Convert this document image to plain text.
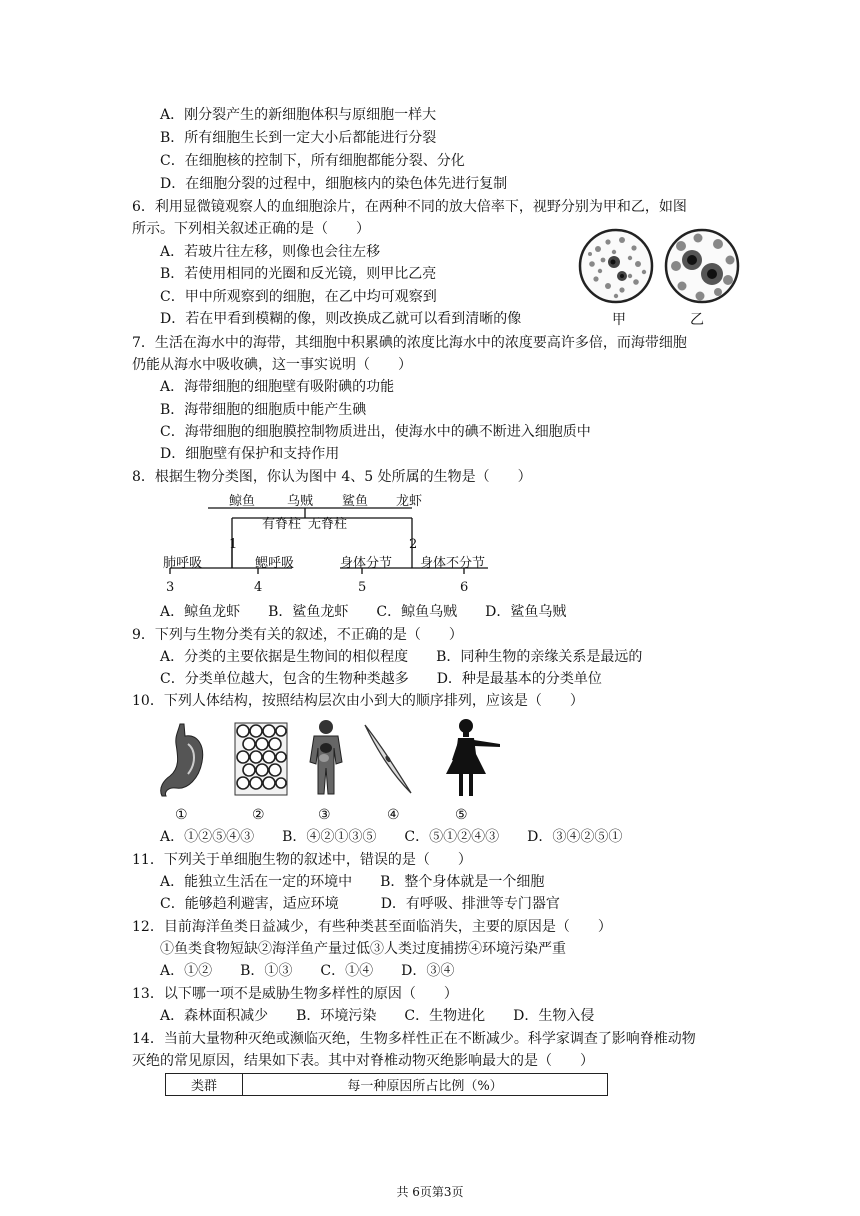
A．刚分裂产生的新细胞体积与原细胞一样大
B．所有细胞生长到一定大小后都能进行分裂
C．在细胞核的控制下，所有细胞都能分裂、分化
D．在细胞分裂的过程中，细胞核内的染色体先进行复制
6．利用显微镜观察人的血细胞涂片，在两种不同的放大倍率下，视野分别为甲和乙，如图
所示。下列相关叙述正确的是（　　）
A．若玻片往左移，则像也会往左移
B．若使用相同的光圈和反光镜，则甲比乙亮
C．甲中所观察到的细胞，在乙中均可观察到
D．若在甲看到模糊的像，则改换成乙就可以看到清晰的像	甲	乙
7．生活在海水中的海带，其细胞中积累碘的浓度比海水中的浓度要高许多倍，而海带细胞
仍能从海水中吸收碘，这一事实说明（　　）
A．海带细胞的细胞壁有吸附碘的功能
B．海带细胞的细胞质中能产生碘
C．海带细胞的细胞膜控制物质进出，使海水中的碘不断进入细胞质中
D．细胞壁有保护和支持作用
8．根据生物分类图，你认为图中 4、5 处所属的生物是（　　）
鲸鱼 乌贼 鲨鱼 龙虾
有脊柱 无脊柱
1	2
肺呼吸	鳃呼吸	身体分节 身体不分节
3	4	5	6
A．鲸鱼龙虾　　B．鲨鱼龙虾　　C．鲸鱼乌贼　　D．鲨鱼乌贼
9．下列与生物分类有关的叙述，不正确的是（　　）
A．分类的主要依据是生物间的相似程度　　B．同种生物的亲缘关系是最远的
C．分类单位越大，包含的生物种类越多　　D．种是最基本的分类单位
10．下列人体结构，按照结构层次由小到大的顺序排列，应该是（　　）
①	②	③	④	⑤
A．①②⑤④③　　B．④②①③⑤　　C．⑤①②④③　　D．③④②⑤①
11．下列关于单细胞生物的叙述中，错误的是（　　）
A．能独立生活在一定的环境中　　B．整个身体就是一个细胞
C．能够趋利避害，适应环境　　　D．有呼吸、排泄等专门器官
12．目前海洋鱼类日益减少，有些种类甚至面临消失，主要的原因是（　　）
①鱼类食物短缺②海洋鱼产量过低③人类过度捕捞④环境污染严重
A．①②　　B．①③　　C．①④　　D．③④
13．以下哪一项不是威胁生物多样性的原因（　　）
A．森林面积减少　　B．环境污染　　C．生物进化　　D．生物入侵
14．当前大量物种灭绝或濒临灭绝，生物多样性正在不断减少。科学家调查了影响脊椎动物
灭绝的常见原因，结果如下表。其中对脊椎动物灭绝影响最大的是（　　）
类群	每一种原因所占比例（%）
共 6页第3页
